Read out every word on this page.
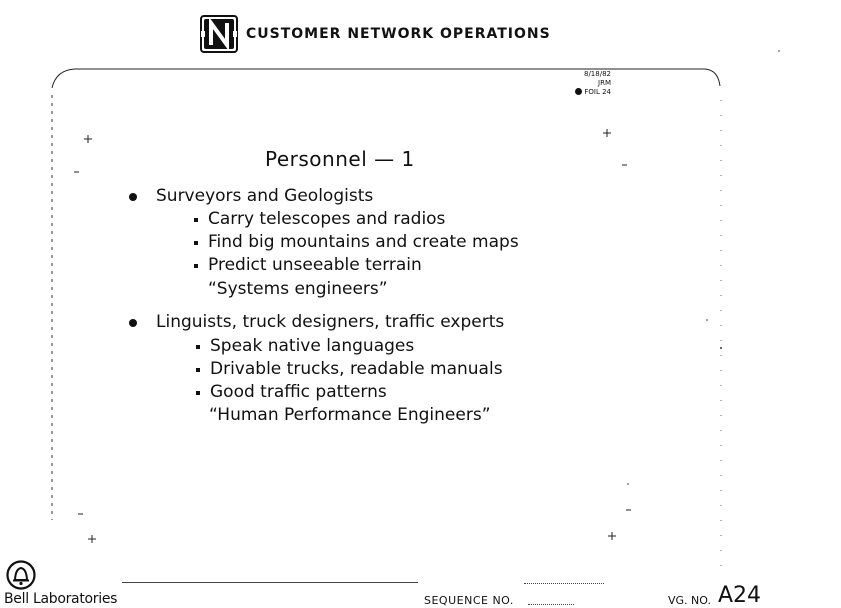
CUSTOMER NETWORK OPERATIONS
8/18/82
JRM
FOIL 24
Personnel — 1
Surveyors and Geologists
Carry telescopes and radios
Find big mountains and create maps
Predict unseeable terrain
“Systems engineers”
Linguists, truck designers, traffic experts
Speak native languages
Drivable trucks, readable manuals
Good traffic patterns
“Human Performance Engineers”
Bell Laboratories	SEQUENCE NO.	VG. NO. A24
